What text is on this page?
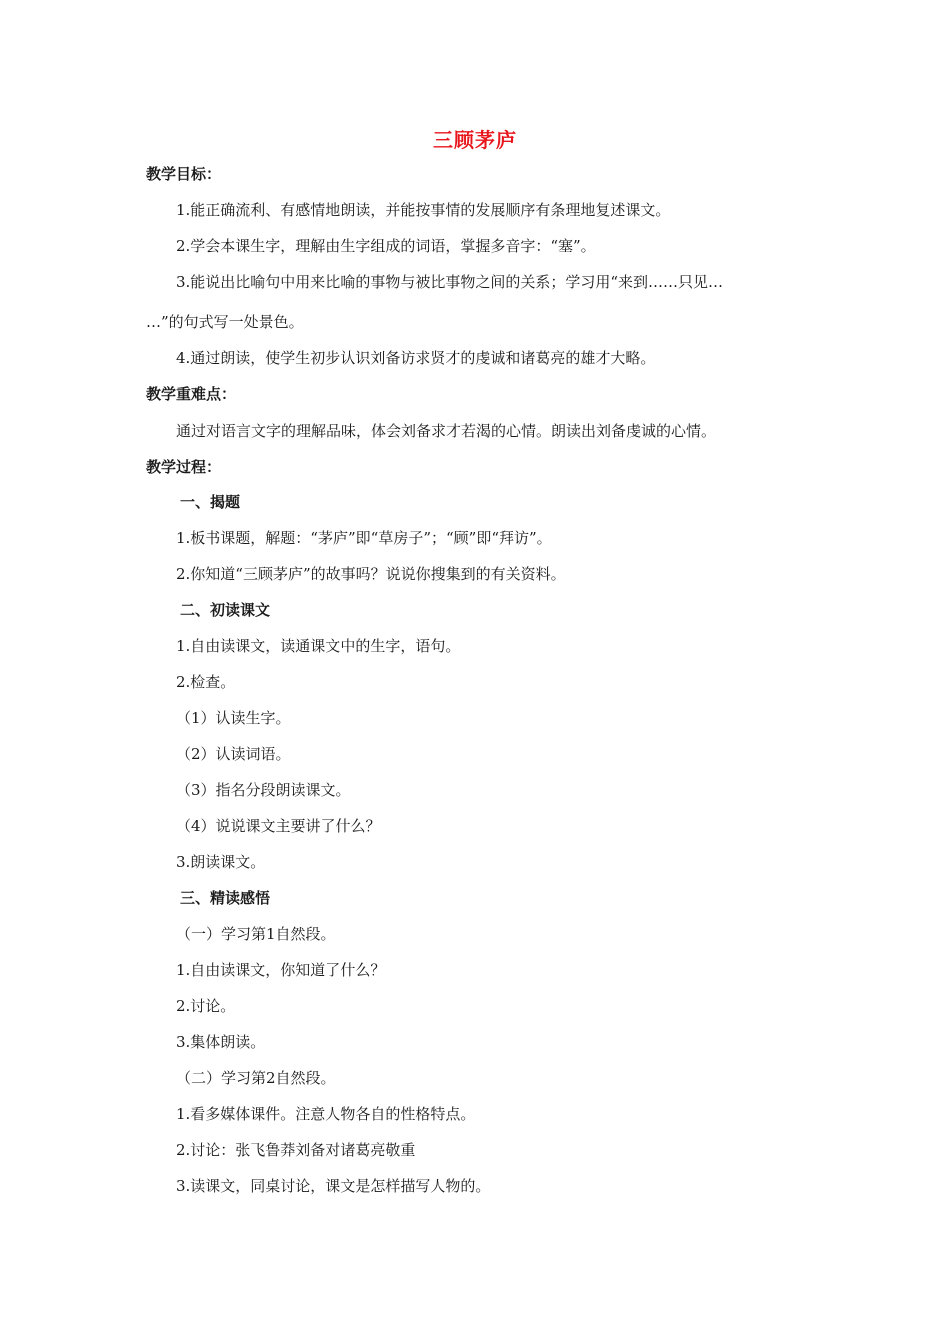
三顾茅庐
教学目标：
1.能正确流利、有感情地朗读，并能按事情的发展顺序有条理地复述课文。
2.学会本课生字，理解由生字组成的词语，掌握多音字：“塞”。
3.能说出比喻句中用来比喻的事物与被比事物之间的关系；学习用“来到……只见…
…”的句式写一处景色。
4.通过朗读，使学生初步认识刘备访求贤才的虔诚和诸葛亮的雄才大略。
教学重难点：
通过对语言文字的理解品味，体会刘备求才若渴的心情。朗读出刘备虔诚的心情。
教学过程：
一、揭题
1.板书课题，解题：“茅庐”即“草房子”；“顾”即“拜访”。
2.你知道“三顾茅庐”的故事吗？说说你搜集到的有关资料。
二、初读课文
1.自由读课文，读通课文中的生字，语句。
2.检查。
（1）认读生字。
（2）认读词语。
（3）指名分段朗读课文。
（4）说说课文主要讲了什么？
3.朗读课文。
三、精读感悟
（一）学习第1自然段。
1.自由读课文，你知道了什么？
2.讨论。
3.集体朗读。
（二）学习第2自然段。
1.看多媒体课件。注意人物各自的性格特点。
2.讨论：张飞鲁莽刘备对诸葛亮敬重
3.读课文，同桌讨论，课文是怎样描写人物的。
